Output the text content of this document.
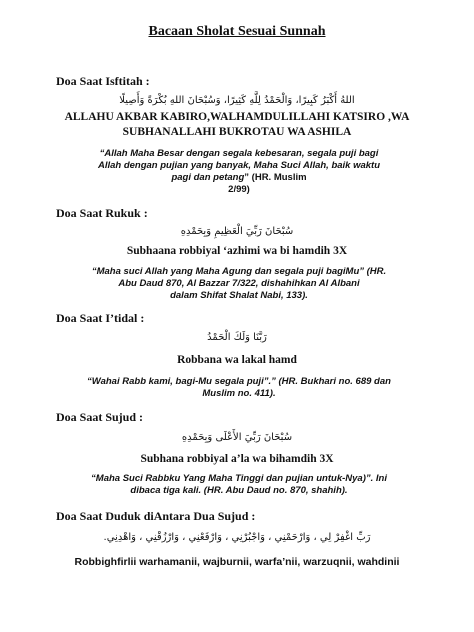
Bacaan Sholat Sesuai Sunnah
Doa Saat Isftitah :

اللهُ أَكْبَرُ كَبِيرًا، وَالْحَمْدُ لِلَّهِ كَثِيرًا، وَسُبْحَانَ اللهِ بُكْرَةً وَأَصِيلًا

ALLAHU AKBAR KABIRO,WALHAMDULILLAHI KATSIRO ,WA
SUBHANALLAHI BUKROTAU WA ASHILA

“Allah Maha Besar dengan segala kebesaran, segala puji bagi
Allah dengan pujian yang banyak, Maha Suci Allah, baik waktu
pagi dan petang” (HR. Muslim
2/99)

Doa Saat Rukuk :

سُبْحَانَ رَبِّيَ الْعَظِيمِ وَبِحَمْدِهِ

Subhaana robbiyal ‘azhimi wa bi hamdih 3X

“Maha suci Allah yang Maha Agung dan segala puji bagiMu” (HR.
Abu Daud 870, Al Bazzar 7/322, dishahihkan Al Albani
dalam Shifat Shalat Nabi, 133).

Doa Saat I’tidal :

رَبَّنَا وَلَكَ الْحَمْدُ

Robbana wa lakal hamd

“Wahai Rabb kami, bagi-Mu segala puji”.” (HR. Bukhari no. 689 dan
Muslim no. 411).

Doa Saat Sujud :

سُبْحَانَ رَبِّيَ الأَعْلَى وَبِحَمْدِهِ

Subhana robbiyal a’la wa bihamdih 3X

“Maha Suci Rabbku Yang Maha Tinggi dan pujian untuk-Nya)”. Ini
dibaca tiga kali. (HR. Abu Daud no. 870, shahih).

Doa Saat Duduk diAntara Dua Sujud :

رَبِّ اغْفِرْ لِي ، وَارْحَمْنِي ، وَاجْبُرْنِي ، وَارْفَعْنِي ، وَارْزُقْنِي ، وَاهْدِنِي.

Robbighfirlii warhamanii, wajburnii, warfa’nii, warzuqnii, wahdinii
